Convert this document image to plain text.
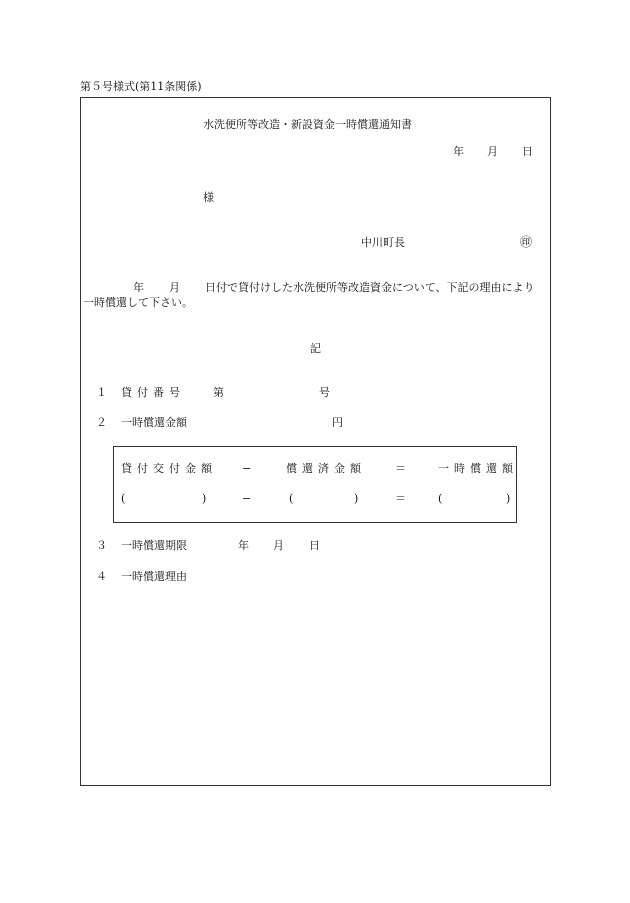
第５号様式(第11条関係)
水洗便所等改造・新設資金一時償還通知書
年 月 日
様
中川町長	㊞
年 月 日付で貸付けした水洗便所等改造資金について、下記の理由により
一時償還して下さい。
記
１ 貸付番号	第	号
２ 一時償還金額	円
貸付交付金額 −	償還済金額	＝	一時償還額
(	)	−	(	)	＝	(	)
３ 一時償還期限	年 月 日
４ 一時償還理由
